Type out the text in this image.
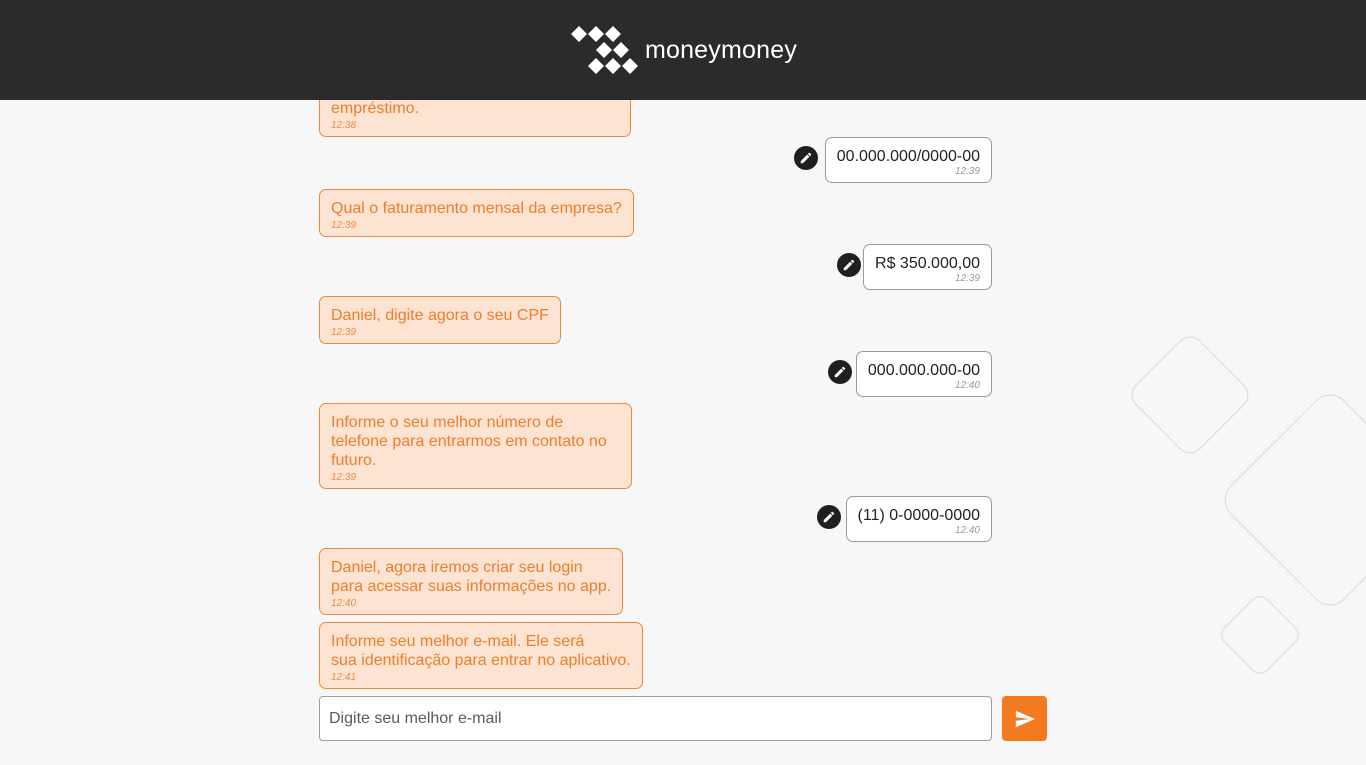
moneymoney
empréstimo.
12:38
00.000.000/0000-00
12:39
Qual o faturamento mensal da empresa?
12:39
R$ 350.000,00
12:39
Daniel, digite agora o seu CPF
12:39
000.000.000-00
12:40
Informe o seu melhor número de
telefone para entrarmos em contato no
futuro.
12:39
(11) 0-0000-0000
12:40
Daniel, agora iremos criar seu login
para acessar suas informações no app.
12:40
Informe seu melhor e-mail. Ele será
sua identificação para entrar no aplicativo.
12:41
Digite seu melhor e-mail
